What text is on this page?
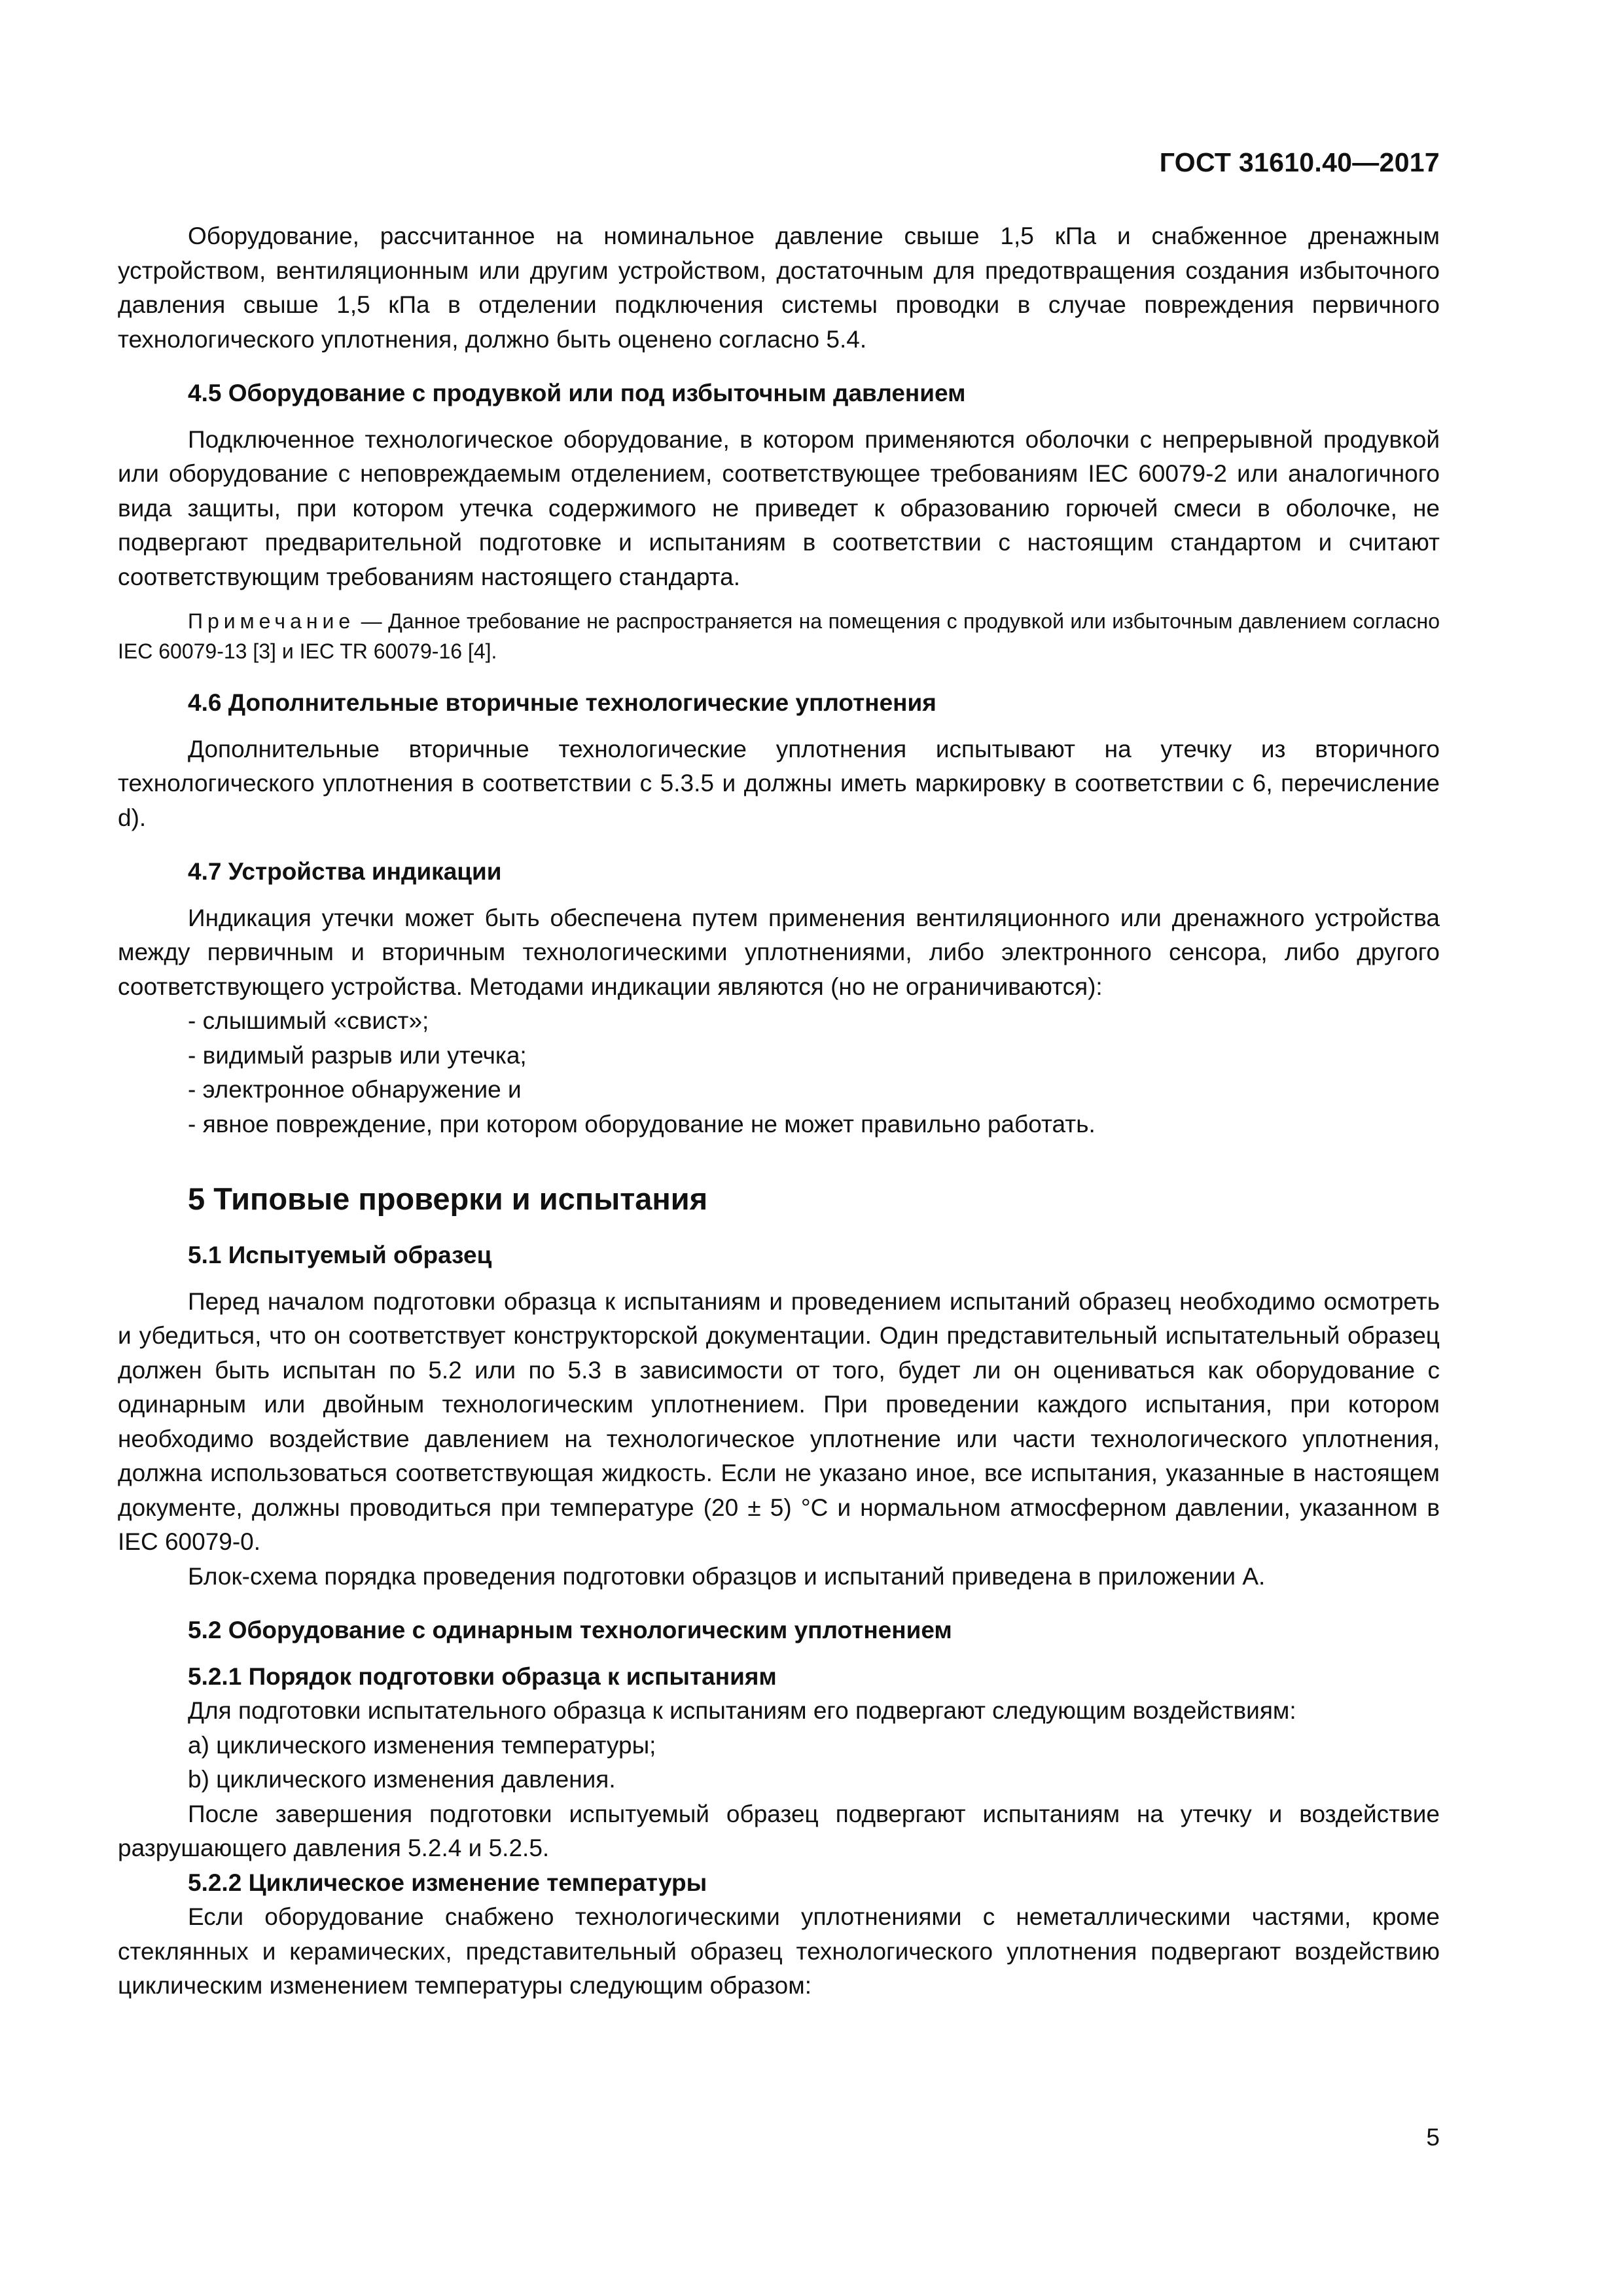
ГОСТ 31610.40—2017

Оборудование, рассчитанное на номинальное давление свыше 1,5 кПа и снабженное дренажным устройством, вентиляционным или другим устройством, достаточным для предотвращения создания избыточного давления свыше 1,5 кПа в отделении подключения системы проводки в случае повреждения первичного технологического уплотнения, должно быть оценено согласно 5.4.

4.5 Оборудование с продувкой или под избыточным давлением

Подключенное технологическое оборудование, в котором применяются оболочки с непрерывной продувкой или оборудование с неповреждаемым отделением, соответствующее требованиям IEC 60079-2 или аналогичного вида защиты, при котором утечка содержимого не приведет к образованию горючей смеси в оболочке, не подвергают предварительной подготовке и испытаниям в соответствии с настоящим стандартом и считают соответствующим требованиям настоящего стандарта.

Примечание — Данное требование не распространяется на помещения с продувкой или избыточным давлением согласно IEC 60079-13 [3] и IEC TR 60079-16 [4].

4.6 Дополнительные вторичные технологические уплотнения

Дополнительные вторичные технологические уплотнения испытывают на утечку из вторичного технологического уплотнения в соответствии с 5.3.5 и должны иметь маркировку в соответствии с 6, перечисление d).

4.7 Устройства индикации

Индикация утечки может быть обеспечена путем применения вентиляционного или дренажного устройства между первичным и вторичным технологическими уплотнениями, либо электронного сенсора, либо другого соответствующего устройства. Методами индикации являются (но не ограничиваются):

- слышимый «свист»;
- видимый разрыв или утечка;
- электронное обнаружение и
- явное повреждение, при котором оборудование не может правильно работать.

5 Типовые проверки и испытания

5.1 Испытуемый образец

Перед началом подготовки образца к испытаниям и проведением испытаний образец необходимо осмотреть и убедиться, что он соответствует конструкторской документации. Один представительный испытательный образец должен быть испытан по 5.2 или по 5.3 в зависимости от того, будет ли он оцениваться как оборудование с одинарным или двойным технологическим уплотнением. При проведении каждого испытания, при котором необходимо воздействие давлением на технологическое уплотнение или части технологического уплотнения, должна использоваться соответствующая жидкость. Если не указано иное, все испытания, указанные в настоящем документе, должны проводиться при температуре (20 ± 5) °С и нормальном атмосферном давлении, указанном в IEC 60079-0.

Блок-схема порядка проведения подготовки образцов и испытаний приведена в приложении А.

5.2 Оборудование с одинарным технологическим уплотнением

5.2.1 Порядок подготовки образца к испытаниям

Для подготовки испытательного образца к испытаниям его подвергают следующим воздействиям:

a) циклического изменения температуры;

b) циклического изменения давления.

После завершения подготовки испытуемый образец подвергают испытаниям на утечку и воздействие разрушающего давления 5.2.4 и 5.2.5.

5.2.2 Циклическое изменение температуры

Если оборудование снабжено технологическими уплотнениями с неметаллическими частями, кроме стеклянных и керамических, представительный образец технологического уплотнения подвергают воздействию циклическим изменением температуры следующим образом:

5
